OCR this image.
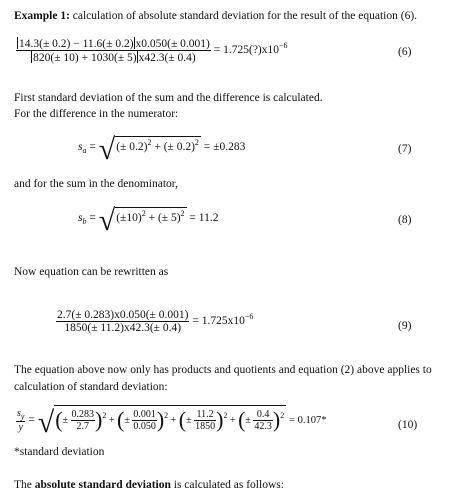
Example 1: calculation of absolute standard deviation for the result of the equation (6).
$\frac{14.3(\pm 0.2) - 11.6(\pm 0.2) x0.050(\pm 0.001)}{820(\pm 10) + 1030(\pm 5) x42.3(\pm 0.4)}$ = $1.725(?)x10^{-6}$
(6)
First standard deviation of the sum and the difference is calculated.
For the difference in the numerator:
$s_a$ = √(± 0.2)$^2$ + (± 0.2)$^2$ = ±0.283	(7)
and for the sum in the denominator,
$s_b = √(\pm 10)^2$ + (± 5)$^2$ = 11.2	(8)
Now equation can be rewritten as
$\frac{2.7(\pm 0.283)x0.050(\pm 0.001)}{1850(\pm 11.2)x42.3(\pm 0.4)} = 1.725x10^{-6}$
(9)
The equation above now only has products and quotients and equation (2) above applies to
calculation of standard deviation:
$\frac{s_y}{y}$ = √(± $\frac{0.283}{2.7} )^2$ + (± $\frac{0.001}{0.050} )^2$ + (± $\frac{11.2}{1850} )^2$ + (± $\frac{0.4}{42.3} )^2 = 0.107*$	(10)
*standard deviation
The absolute standard deviation is calculated as follows:
